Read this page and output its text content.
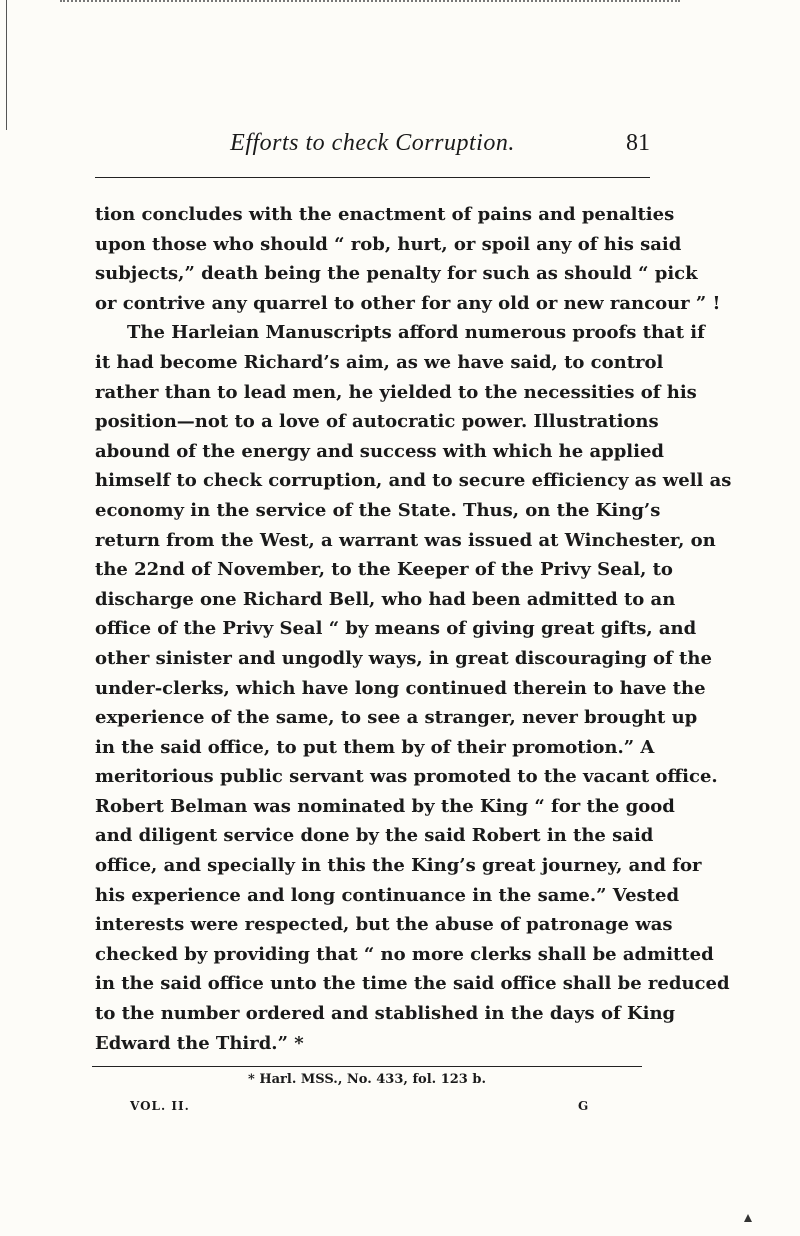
Efforts to check Corruption.	81
tion concludes with the enactment of pains and penalties
upon those who should “ rob, hurt, or spoil any of his said
subjects,” death being the penalty for such as should “ pick
or contrive any quarrel to other for any old or new rancour ” !
The Harleian Manuscripts afford numerous proofs that if
it had become Richard’s aim, as we have said, to control
rather than to lead men, he yielded to the necessities of his
position—not to a love of autocratic power. Illustrations
abound of the energy and success with which he applied
himself to check corruption, and to secure efficiency as well as
economy in the service of the State. Thus, on the King’s
return from the West, a warrant was issued at Winchester, on
the 22nd of November, to the Keeper of the Privy Seal, to
discharge one Richard Bell, who had been admitted to an
office of the Privy Seal “ by means of giving great gifts, and
other sinister and ungodly ways, in great discouraging of the
under-clerks, which have long continued therein to have the
experience of the same, to see a stranger, never brought up
in the said office, to put them by of their promotion.” A
meritorious public servant was promoted to the vacant office.
Robert Belman was nominated by the King “ for the good
and diligent service done by the said Robert in the said
office, and specially in this the King’s great journey, and for
his experience and long continuance in the same.” Vested
interests were respected, but the abuse of patronage was
checked by providing that “ no more clerks shall be admitted
in the said office unto the time the said office shall be reduced
to the number ordered and stablished in the days of King
Edward the Third.” *
* Harl. MSS., No. 433, fol. 123 b.
VOL. II.	G
